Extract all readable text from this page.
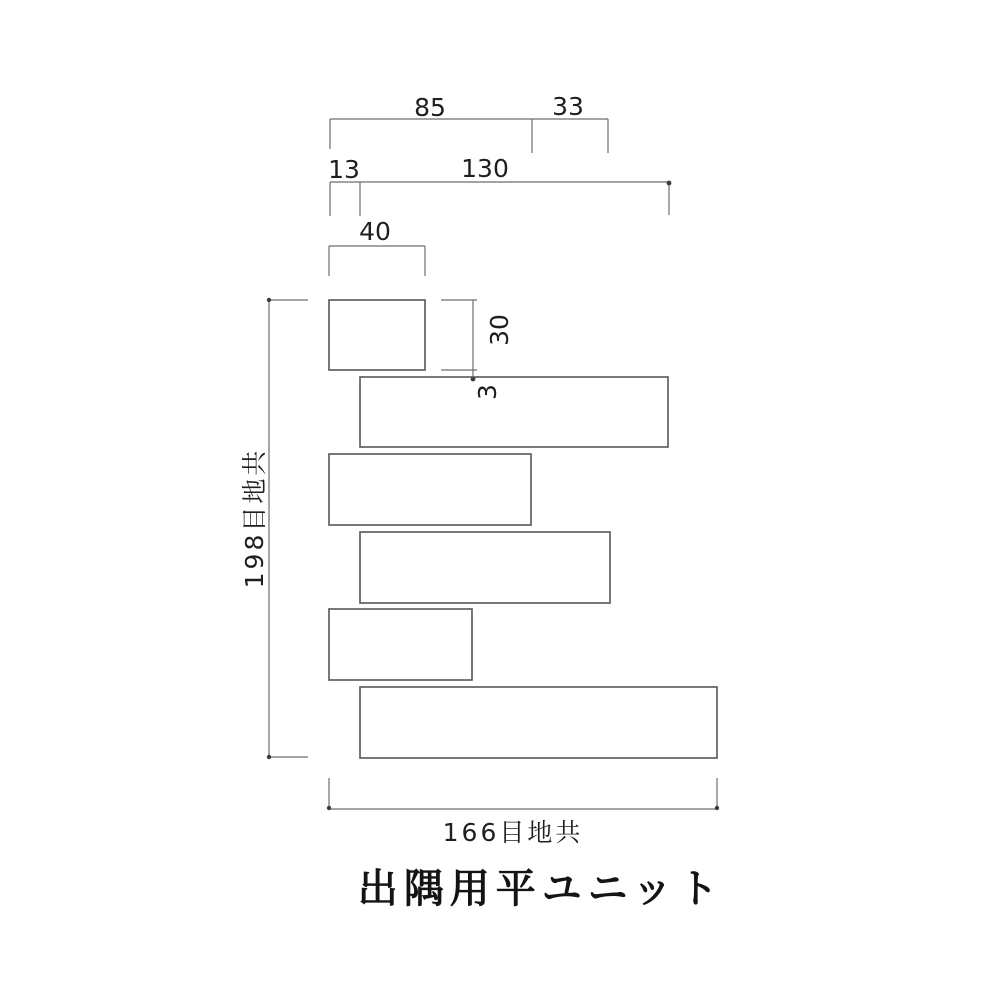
85	33
13	130
40
198目地共
30
3
166目地共
出隅用平ユニット
